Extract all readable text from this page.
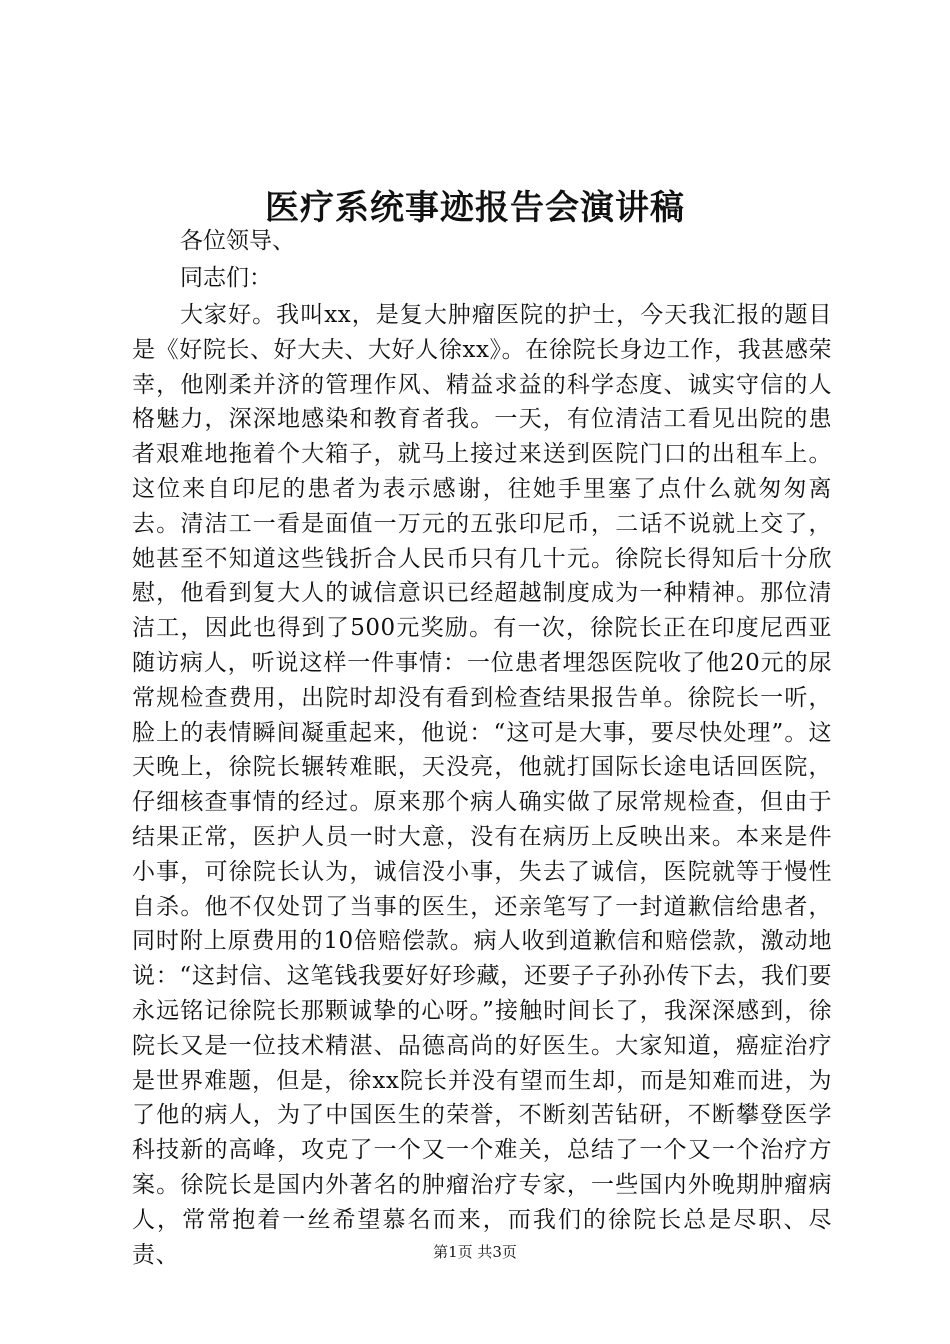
医疗系统事迹报告会演讲稿

各位领导、

同志们：

大家好。我叫xx，是复大肿瘤医院的护士，今天我汇报的题目是《好院长、好大夫、大好人徐xx》。在徐院长身边工作，我甚感荣幸，他刚柔并济的管理作风、精益求益的科学态度、诚实守信的人格魅力，深深地感染和教育者我。一天，有位清洁工看见出院的患者艰难地拖着个大箱子，就马上接过来送到医院门口的出租车上。这位来自印尼的患者为表示感谢，往她手里塞了点什么就匆匆离去。清洁工一看是面值一万元的五张印尼币，二话不说就上交了，她甚至不知道这些钱折合人民币只有几十元。徐院长得知后十分欣慰，他看到复大人的诚信意识已经超越制度成为一种精神。那位清洁工，因此也得到了500元奖励。有一次，徐院长正在印度尼西亚随访病人，听说这样一件事情：一位患者埋怨医院收了他20元的尿常规检查费用，出院时却没有看到检查结果报告单。徐院长一听，脸上的表情瞬间凝重起来，他说：“这可是大事，要尽快处理”。这天晚上，徐院长辗转难眠，天没亮，他就打国际长途电话回医院，仔细核查事情的经过。原来那个病人确实做了尿常规检查，但由于结果正常，医护人员一时大意，没有在病历上反映出来。本来是件小事，可徐院长认为，诚信没小事，失去了诚信，医院就等于慢性自杀。他不仅处罚了当事的医生，还亲笔写了一封道歉信给患者，同时附上原费用的10倍赔偿款。病人收到道歉信和赔偿款，激动地说：“这封信、这笔钱我要好好珍藏，还要子子孙孙传下去，我们要永远铭记徐院长那颗诚挚的心呀。”接触时间长了，我深深感到，徐院长又是一位技术精湛、品德高尚的好医生。大家知道，癌症治疗是世界难题，但是，徐xx院长并没有望而生却，而是知难而进，为了他的病人，为了中国医生的荣誉，不断刻苦钻研，不断攀登医学科技新的高峰，攻克了一个又一个难关，总结了一个又一个治疗方案。徐院长是国内外著名的肿瘤治疗专家，一些国内外晚期肿瘤病人，常常抱着一丝希望慕名而来，而我们的徐院长总是尽职、尽责、	第1页 共3页
